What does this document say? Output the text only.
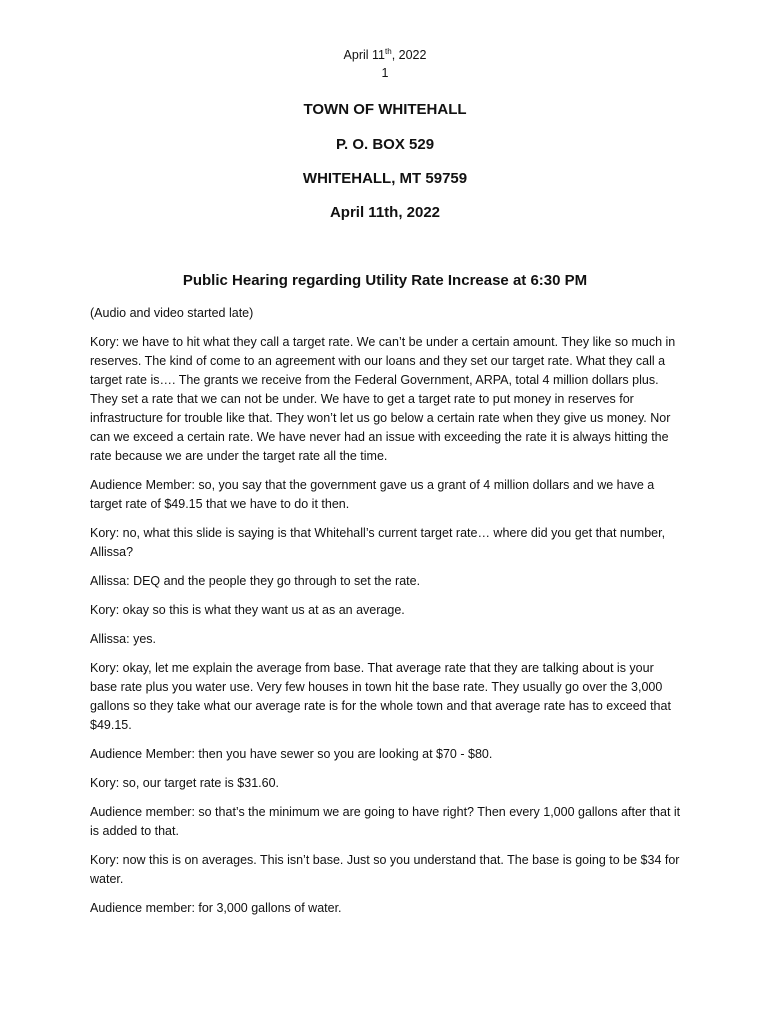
April 11th, 2022
1
TOWN OF WHITEHALL
P. O. BOX 529
WHITEHALL, MT 59759
April 11th, 2022
Public Hearing regarding Utility Rate Increase at 6:30 PM

(Audio and video started late)

Kory: we have to hit what they call a target rate. We can’t be under a certain amount. They like so much in reserves. The kind of come to an agreement with our loans and they set our target rate. What they call a target rate is…. The grants we receive from the Federal Government, ARPA, total 4 million dollars plus. They set a rate that we can not be under. We have to get a target rate to put money in reserves for infrastructure for trouble like that. They won’t let us go below a certain rate when they give us money. Nor can we exceed a certain rate. We have never had an issue with exceeding the rate it is always hitting the rate because we are under the target rate all the time.

Audience Member: so, you say that the government gave us a grant of 4 million dollars and we have a target rate of $49.15 that we have to do it then.

Kory: no, what this slide is saying is that Whitehall’s current target rate… where did you get that number, Allissa?

Allissa: DEQ and the people they go through to set the rate.

Kory: okay so this is what they want us at as an average.

Allissa: yes.

Kory: okay, let me explain the average from base. That average rate that they are talking about is your base rate plus you water use. Very few houses in town hit the base rate. They usually go over the 3,000 gallons so they take what our average rate is for the whole town and that average rate has to exceed that $49.15.

Audience Member: then you have sewer so you are looking at $70 - $80.

Kory: so, our target rate is $31.60.

Audience member: so that’s the minimum we are going to have right? Then every 1,000 gallons after that it is added to that.

Kory: now this is on averages. This isn’t base. Just so you understand that. The base is going to be $34 for water.

Audience member: for 3,000 gallons of water.
